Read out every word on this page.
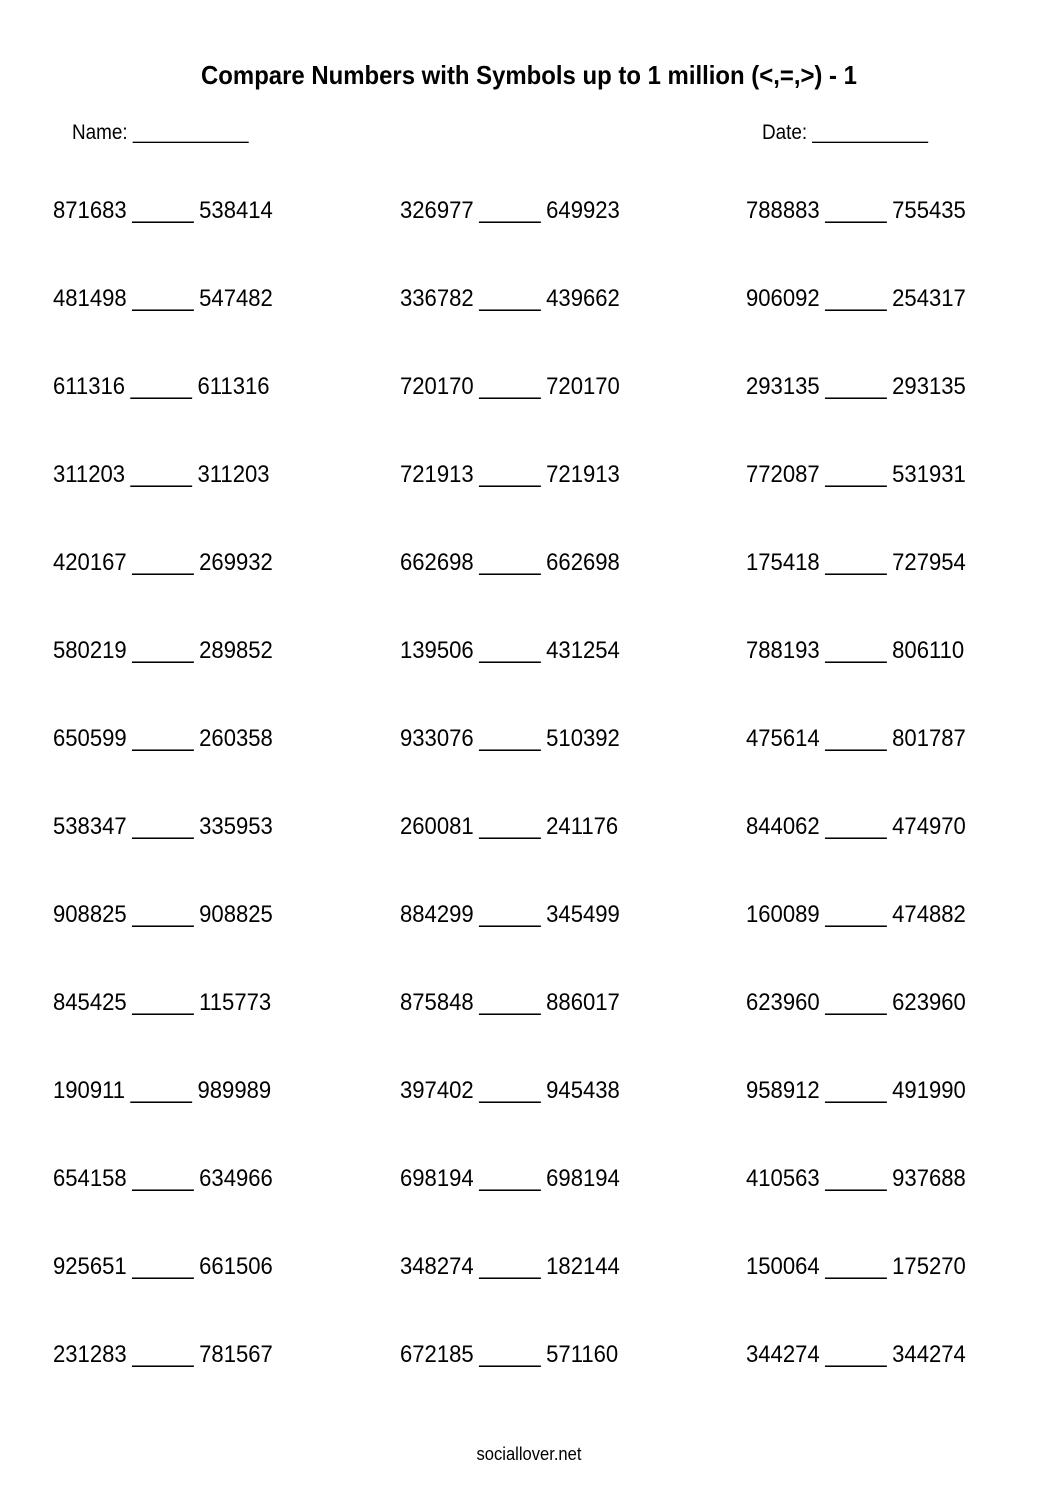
Compare Numbers with Symbols up to 1 million (<,=,>) - 1
Name: ___________	Date: ___________
871683 _____ 538414	326977 _____ 649923	788883 _____ 755435
481498 _____ 547482	336782 _____ 439662	906092 _____ 254317
611316 _____ 611316	720170 _____ 720170	293135 _____ 293135
311203 _____ 311203	721913 _____ 721913	772087 _____ 531931
420167 _____ 269932	662698 _____ 662698	175418 _____ 727954
580219 _____ 289852	139506 _____ 431254	788193 _____ 806110
650599 _____ 260358	933076 _____ 510392	475614 _____ 801787
538347 _____ 335953	260081 _____ 241176	844062 _____ 474970
908825 _____ 908825	884299 _____ 345499	160089 _____ 474882
845425 _____ 115773	875848 _____ 886017	623960 _____ 623960
190911 _____ 989989	397402 _____ 945438	958912 _____ 491990
654158 _____ 634966	698194 _____ 698194	410563 _____ 937688
925651 _____ 661506	348274 _____ 182144	150064 _____ 175270
231283 _____ 781567	672185 _____ 571160	344274 _____ 344274
sociallover.net
